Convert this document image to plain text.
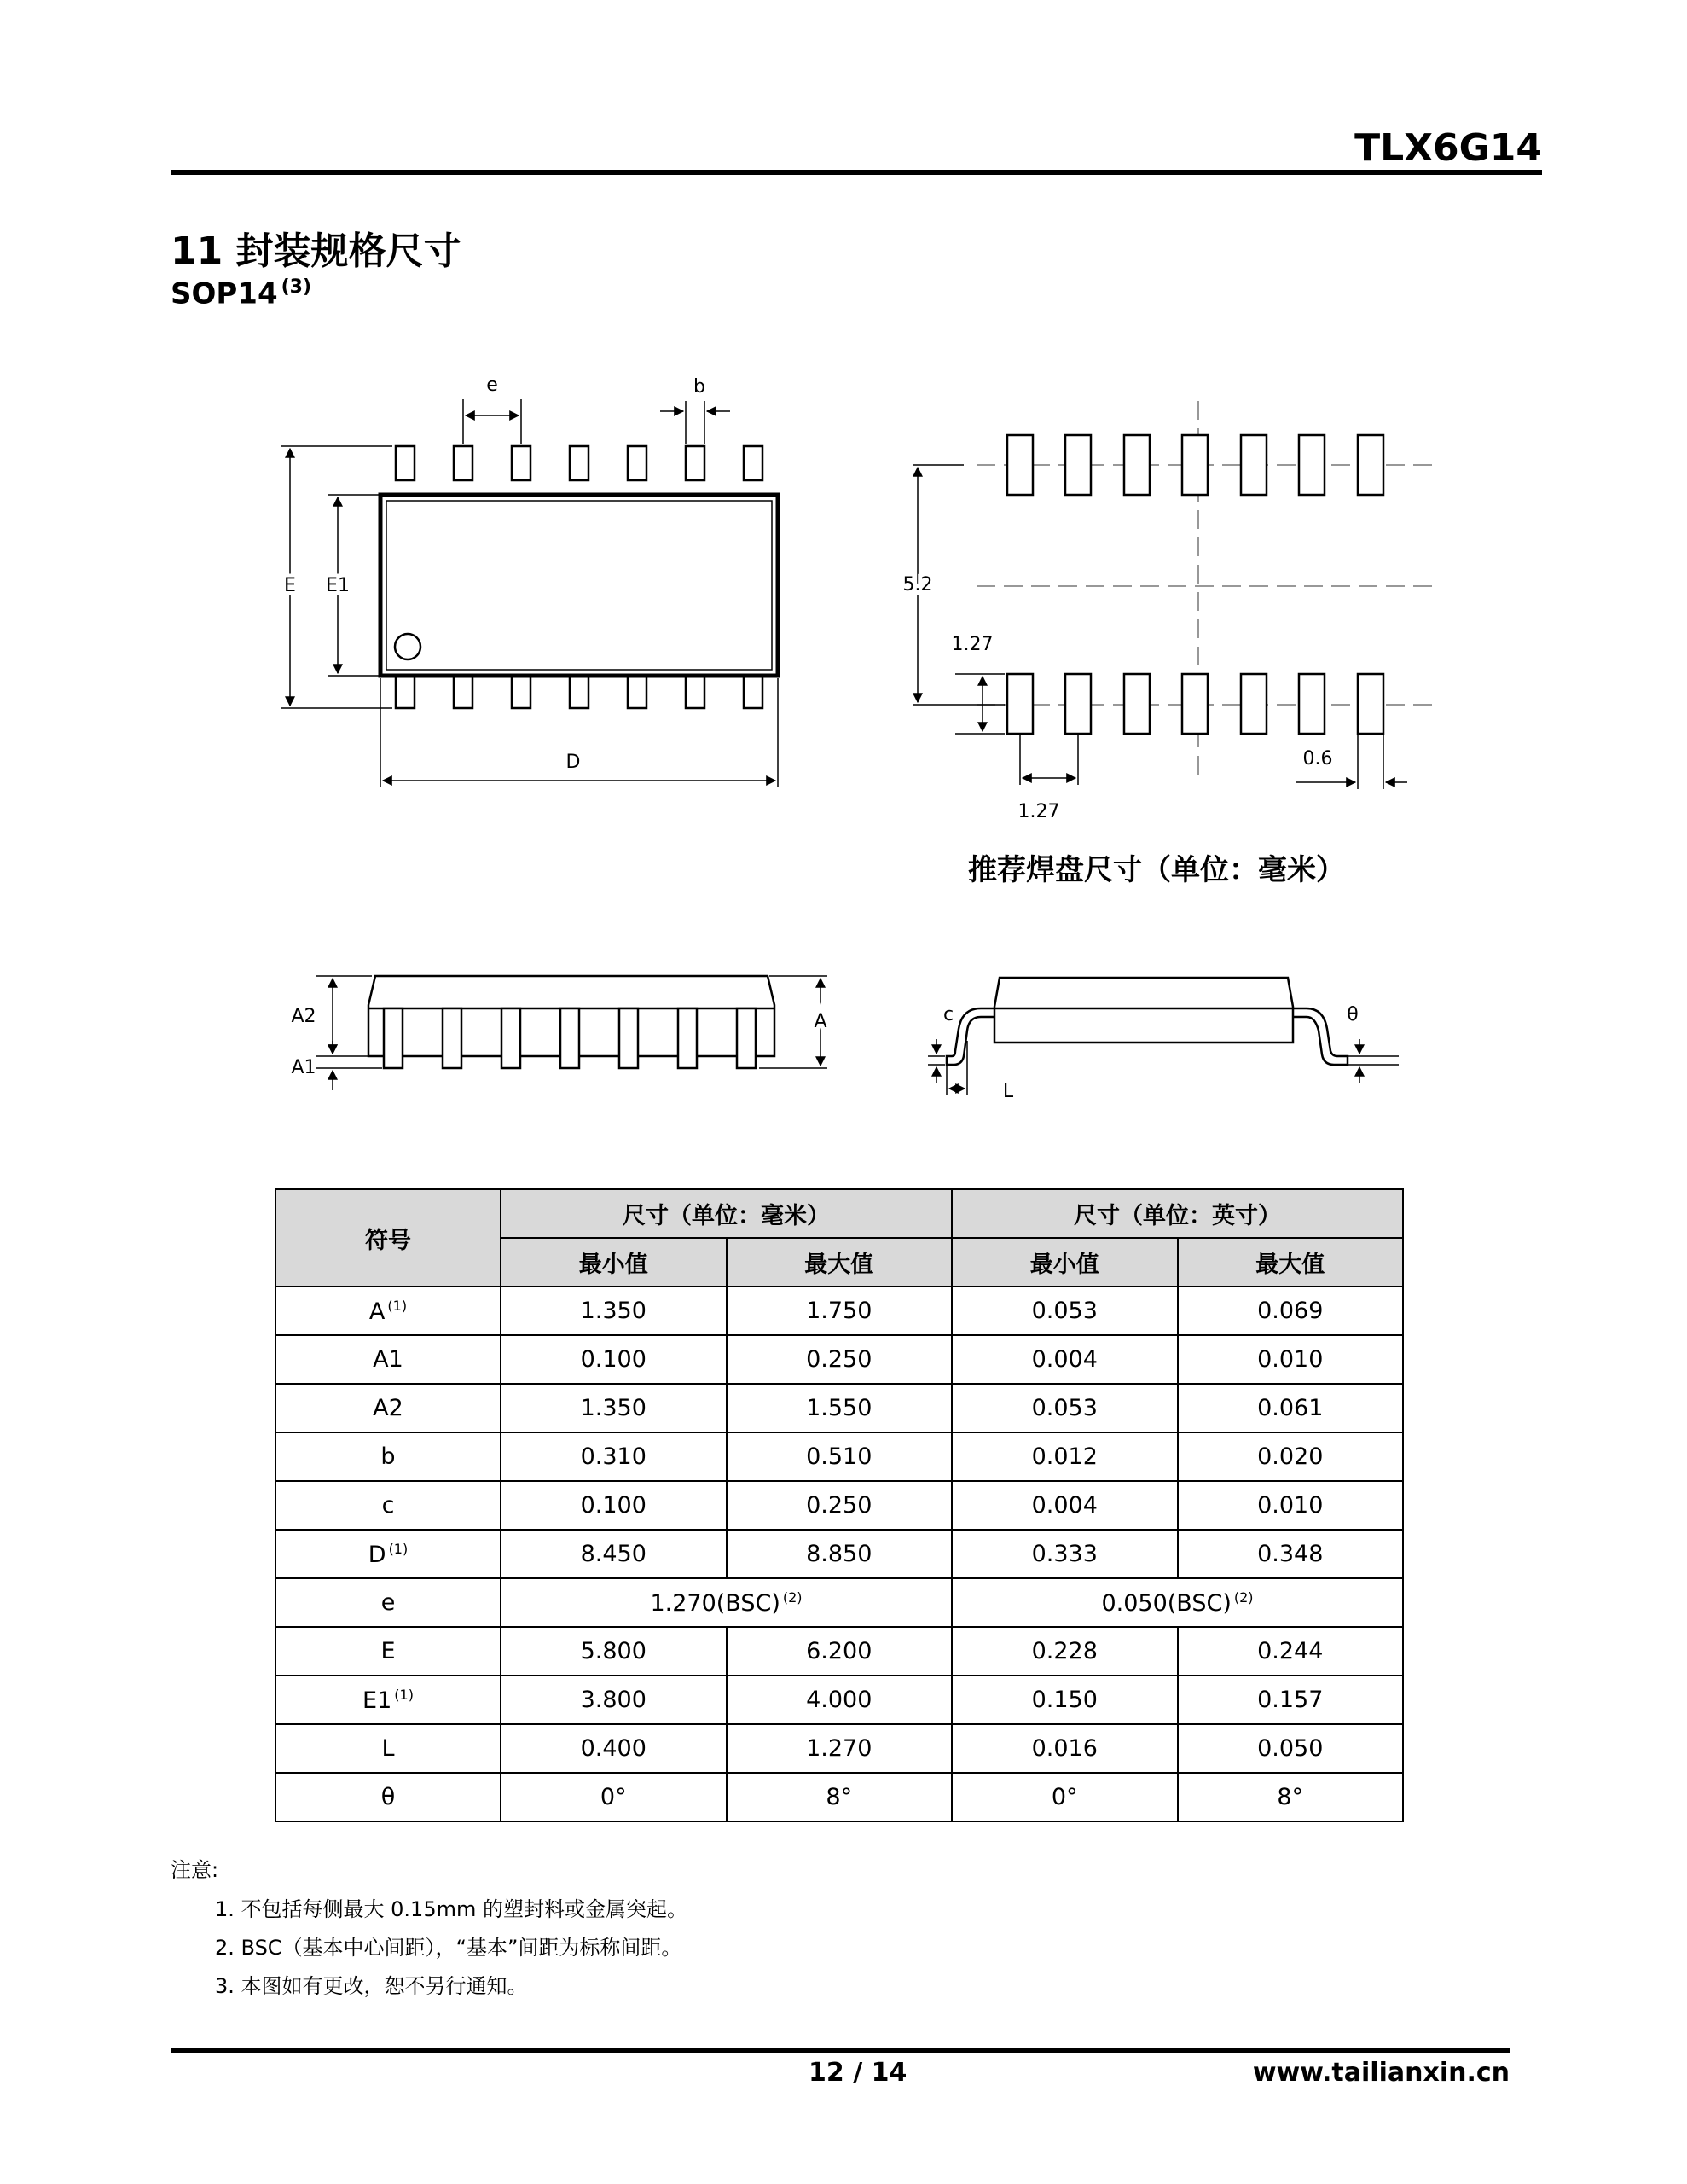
TLX6G14
11 封装规格尺寸
SOP14 $^{(3)}$
e	b
E E1
D
5.2
1.27
1.27
0.6
推荐焊盘尺寸（单位：毫米）
A2
A1
A	c
L
θ
符号	尺寸（单位：毫米）		尺寸（单位：英寸）	
	最小值	最大值	最小值	最大值
A $^{(1)}$	1.350	1.750	0.053	0.069
A1	0.100	0.250	0.004	0.010
A2	1.350	1.550	0.053	0.061
b	0.310	0.510	0.012	0.020
c	0.100	0.250	0.004	0.010
D $^{(1)}$	8.450	8.850	0.333	0.348
e	1.270(BSC) $^{(2)}$		0.050(BSC) $^{(2)}$
E	5.800	6.200	0.228	0.244
E1 $^{(1)}$	3.800	4.000	0.150	0.157
L	0.400	1.270	0.016	0.050
θ	0°	8°	0°	8°
注意:
1. 不包括每侧最大 0.15mm 的塑封料或金属突起。
2. BSC（基本中心间距），“基本”间距为标称间距。
3. 本图如有更改，恕不另行通知。
12 / 14	www.tailianxin.cn
